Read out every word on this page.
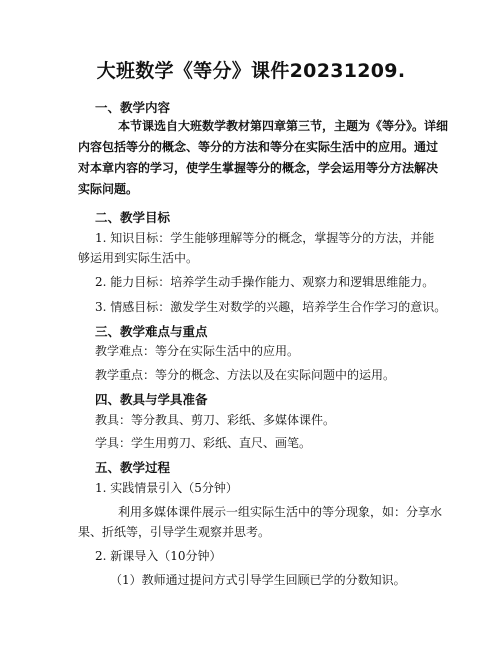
大班数学《等分》课件20231209.
一、教学内容
本节课选自大班数学教材第四章第三节，主题为《等分》。详细
内容包括等分的概念、等分的方法和等分在实际生活中的应用。通过
对本章内容的学习，使学生掌握等分的概念，学会运用等分方法解决
实际问题。
二、教学目标
1. 知识目标：学生能够理解等分的概念，掌握等分的方法，并能
够运用到实际生活中。
2. 能力目标：培养学生动手操作能力、观察力和逻辑思维能力。
3. 情感目标：激发学生对数学的兴趣，培养学生合作学习的意识。
三、教学难点与重点
教学难点：等分在实际生活中的应用。
教学重点：等分的概念、方法以及在实际问题中的运用。
四、教具与学具准备
教具：等分教具、剪刀、彩纸、多媒体课件。
学具：学生用剪刀、彩纸、直尺、画笔。
五、教学过程
1. 实践情景引入（5分钟）
利用多媒体课件展示一组实际生活中的等分现象，如：分享水
果、折纸等，引导学生观察并思考。
2. 新课导入（10分钟）
（1）教师通过提问方式引导学生回顾已学的分数知识。
